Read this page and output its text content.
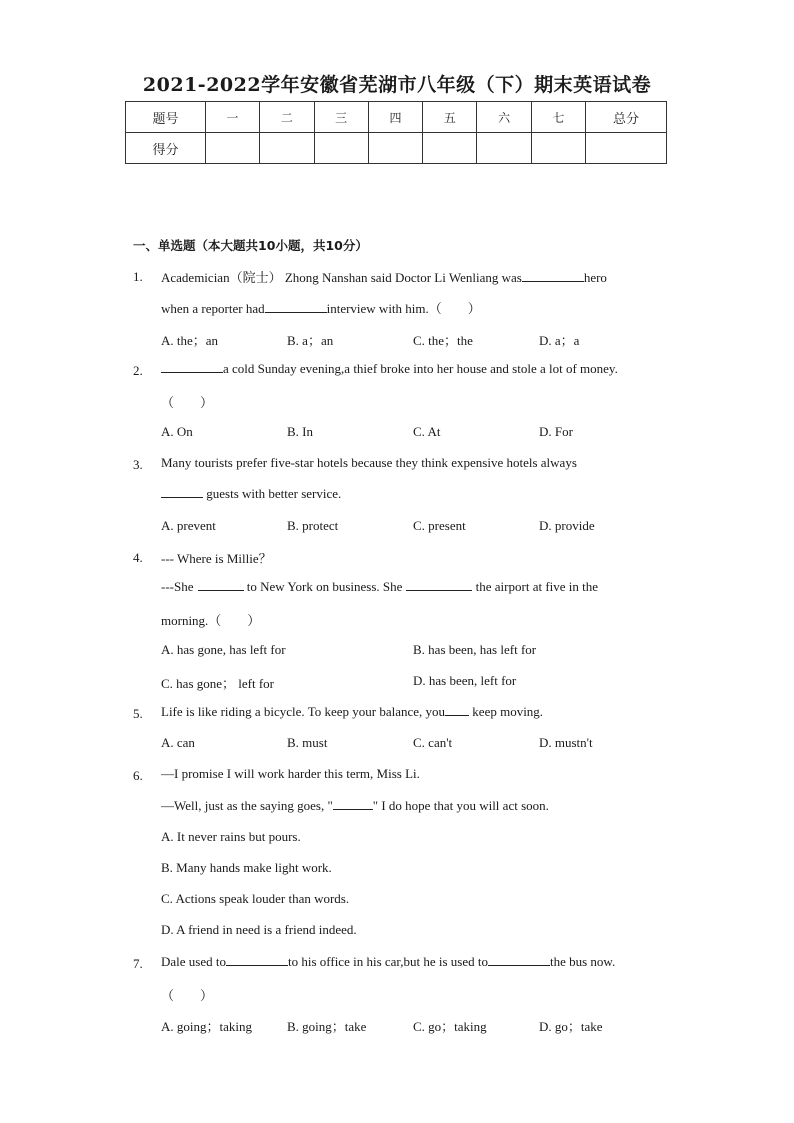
2021-2022学年安徽省芜湖市八年级（下）期末英语试卷
题号	一	二	三	四	五	六	七	总分
得分								
一、单选题（本大题共10小题，共10分）
1. Academician（院士） Zhong Nanshan said Doctor Li Wenliang was	hero
when a reporter had	interview with him.（　　）
A. the；an	B. a；an	C. the；the	D. a；a
2.	a cold Sunday evening,a thief broke into her house and stole a lot of money.
（　　）
A. On	B. In	C. At	D. For
3. Many tourists prefer five-star hotels because they think expensive hotels always
guests with better service.
A. prevent	B. protect	C. present	D. provide
4. --- Where is Millie？
---She	to New York on business. She	the airport at five in the
morning.（　　）
A. has gone, has left for	B. has been, has left for
C. has gone； left for	D. has been, left for
5. Life is like riding a bicycle. To keep your balance, you keep moving.
A. can	B. must	C. can't	D. mustn't
6. —I promise I will work harder this term, Miss Li.
—Well, just as the saying goes, "	" I do hope that you will act soon.
A. It never rains but pours.
B. Many hands make light work.
C. Actions speak louder than words.
D. A friend in need is a friend indeed.
7. Dale used to	to his office in his car,but he is used to	the bus now.
（　　）
A. going；taking	B. going；take	C. go；taking	D. go；take
